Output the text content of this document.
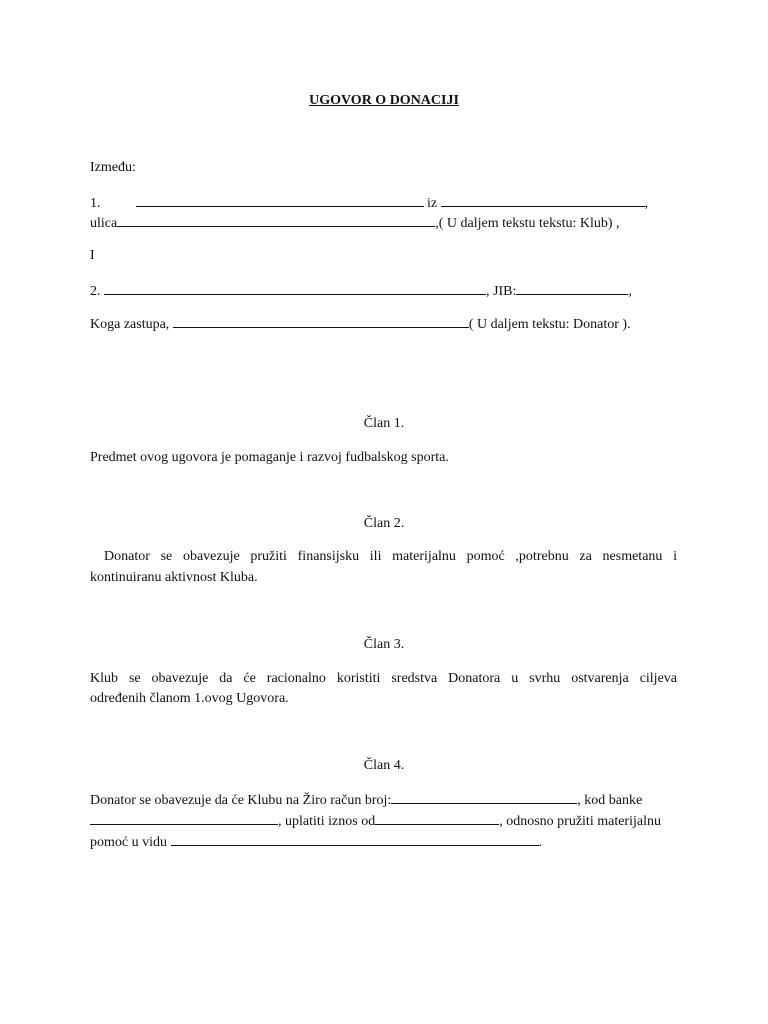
UGOVOR O DONACIJI
Između:
1.	iz	,
ulica	,( U daljem tekstu tekstu: Klub) ,
I
2.	, JIB:	,
Koga zastupa,	( U daljem tekstu: Donator ).
Član 1.
Predmet ovog ugovora je pomaganje i razvoj fudbalskog sporta.
Član 2.
Donator se obavezuje pružiti finansijsku ili materijalnu pomoć ,potrebnu za nesmetanu i
kontinuiranu aktivnost Kluba.
Član 3.
Klub se obavezuje da će racionalno koristiti sredstva Donatora u svrhu ostvarenja ciljeva
određenih članom 1.ovog Ugovora.
Član 4.
Donator se obavezuje da će Klubu na Žiro račun broj:	, kod banke
, uplatiti iznos od	, odnosno pružiti materijalnu
pomoć u vidu	.
